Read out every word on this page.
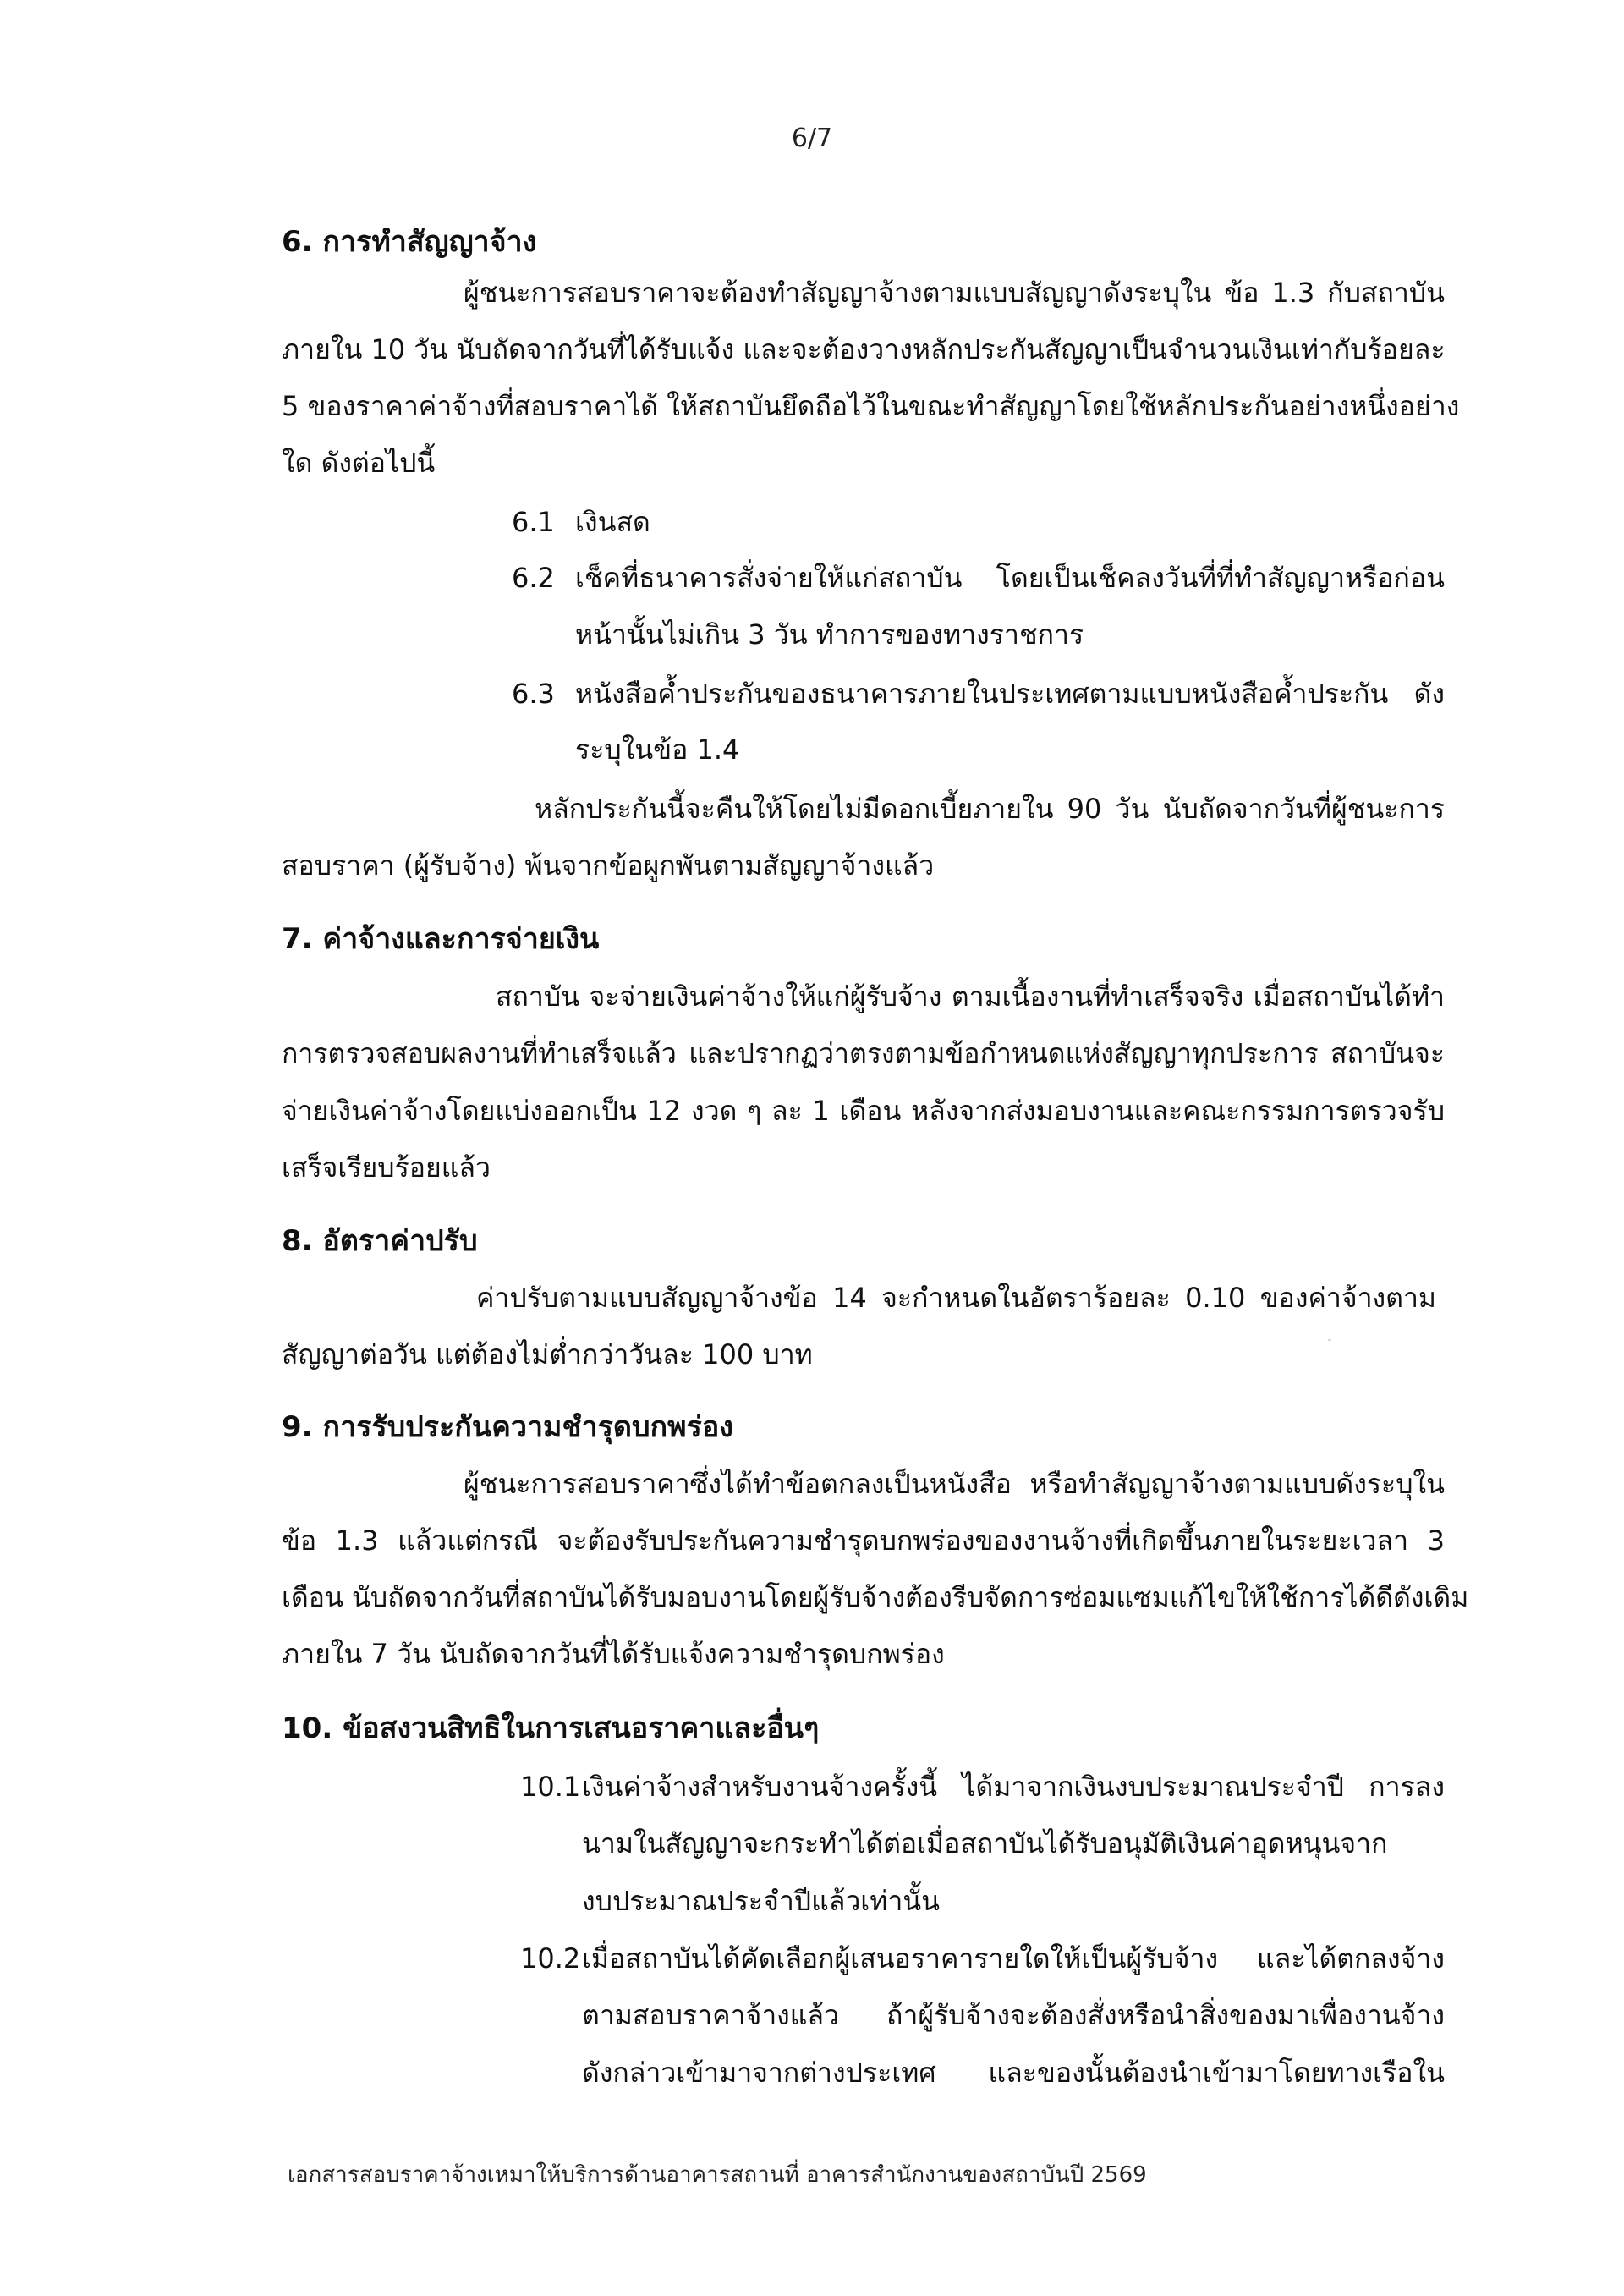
6/7
6. การทำสัญญาจ้าง
ผู้ชนะการสอบราคาจะต้องทำสัญญาจ้างตามแบบสัญญาดังระบุใน ข้อ 1.3 กับสถาบัน
ภายใน 10 วัน นับถัดจากวันที่ได้รับแจ้ง และจะต้องวางหลักประกันสัญญาเป็นจำนวนเงินเท่ากับร้อยละ
5 ของราคาค่าจ้างที่สอบราคาได้ ให้สถาบันยึดถือไว้ในขณะทำสัญญาโดยใช้หลักประกันอย่างหนึ่งอย่าง
ใด ดังต่อไปนี้
6.1 เงินสด
6.2 เช็คที่ธนาคารสั่งจ่ายให้แก่สถาบัน โดยเป็นเช็คลงวันที่ที่ทำสัญญาหรือก่อน
หน้านั้นไม่เกิน 3 วัน ทำการของทางราชการ
6.3 หนังสือค้ำประกันของธนาคารภายในประเทศตามแบบหนังสือค้ำประกัน ดัง
ระบุในข้อ 1.4
หลักประกันนี้จะคืนให้โดยไม่มีดอกเบี้ยภายใน 90 วัน นับถัดจากวันที่ผู้ชนะการ
สอบราคา (ผู้รับจ้าง) พ้นจากข้อผูกพันตามสัญญาจ้างแล้ว
7. ค่าจ้างและการจ่ายเงิน
สถาบัน จะจ่ายเงินค่าจ้างให้แก่ผู้รับจ้าง ตามเนื้องานที่ทำเสร็จจริง เมื่อสถาบันได้ทำ
การตรวจสอบผลงานที่ทำเสร็จแล้ว และปรากฏว่าตรงตามข้อกำหนดแห่งสัญญาทุกประการ สถาบันจะ
จ่ายเงินค่าจ้างโดยแบ่งออกเป็น 12 งวด ๆ ละ 1 เดือน หลังจากส่งมอบงานและคณะกรรมการตรวจรับ
เสร็จเรียบร้อยแล้ว
8. อัตราค่าปรับ
ค่าปรับตามแบบสัญญาจ้างข้อ 14 จะกำหนดในอัตราร้อยละ 0.10 ของค่าจ้างตาม
สัญญาต่อวัน แต่ต้องไม่ต่ำกว่าวันละ 100 บาท
9. การรับประกันความชำรุดบกพร่อง
ผู้ชนะการสอบราคาซึ่งได้ทำข้อตกลงเป็นหนังสือ หรือทำสัญญาจ้างตามแบบดังระบุใน
ข้อ 1.3 แล้วแต่กรณี จะต้องรับประกันความชำรุดบกพร่องของงานจ้างที่เกิดขึ้นภายในระยะเวลา 3
เดือน นับถัดจากวันที่สถาบันได้รับมอบงานโดยผู้รับจ้างต้องรีบจัดการซ่อมแซมแก้ไขให้ใช้การได้ดีดังเดิม
ภายใน 7 วัน นับถัดจากวันที่ได้รับแจ้งความชำรุดบกพร่อง
10. ข้อสงวนสิทธิในการเสนอราคาและอื่นๆ
10.1 เงินค่าจ้างสำหรับงานจ้างครั้งนี้ ได้มาจากเงินงบประมาณประจำปี การลง
นามในสัญญาจะกระทำได้ต่อเมื่อสถาบันได้รับอนุมัติเงินค่าอุดหนุนจาก
งบประมาณประจำปีแล้วเท่านั้น
10.2 เมื่อสถาบันได้คัดเลือกผู้เสนอราคารายใดให้เป็นผู้รับจ้าง และได้ตกลงจ้าง
ตามสอบราคาจ้างแล้ว ถ้าผู้รับจ้างจะต้องสั่งหรือนำสิ่งของมาเพื่องานจ้าง
ดังกล่าวเข้ามาจากต่างประเทศ และของนั้นต้องนำเข้ามาโดยทางเรือใน
เอกสารสอบราคาจ้างเหมาให้บริการด้านอาคารสถานที่ อาคารสำนักงานของสถาบันปี 2569
